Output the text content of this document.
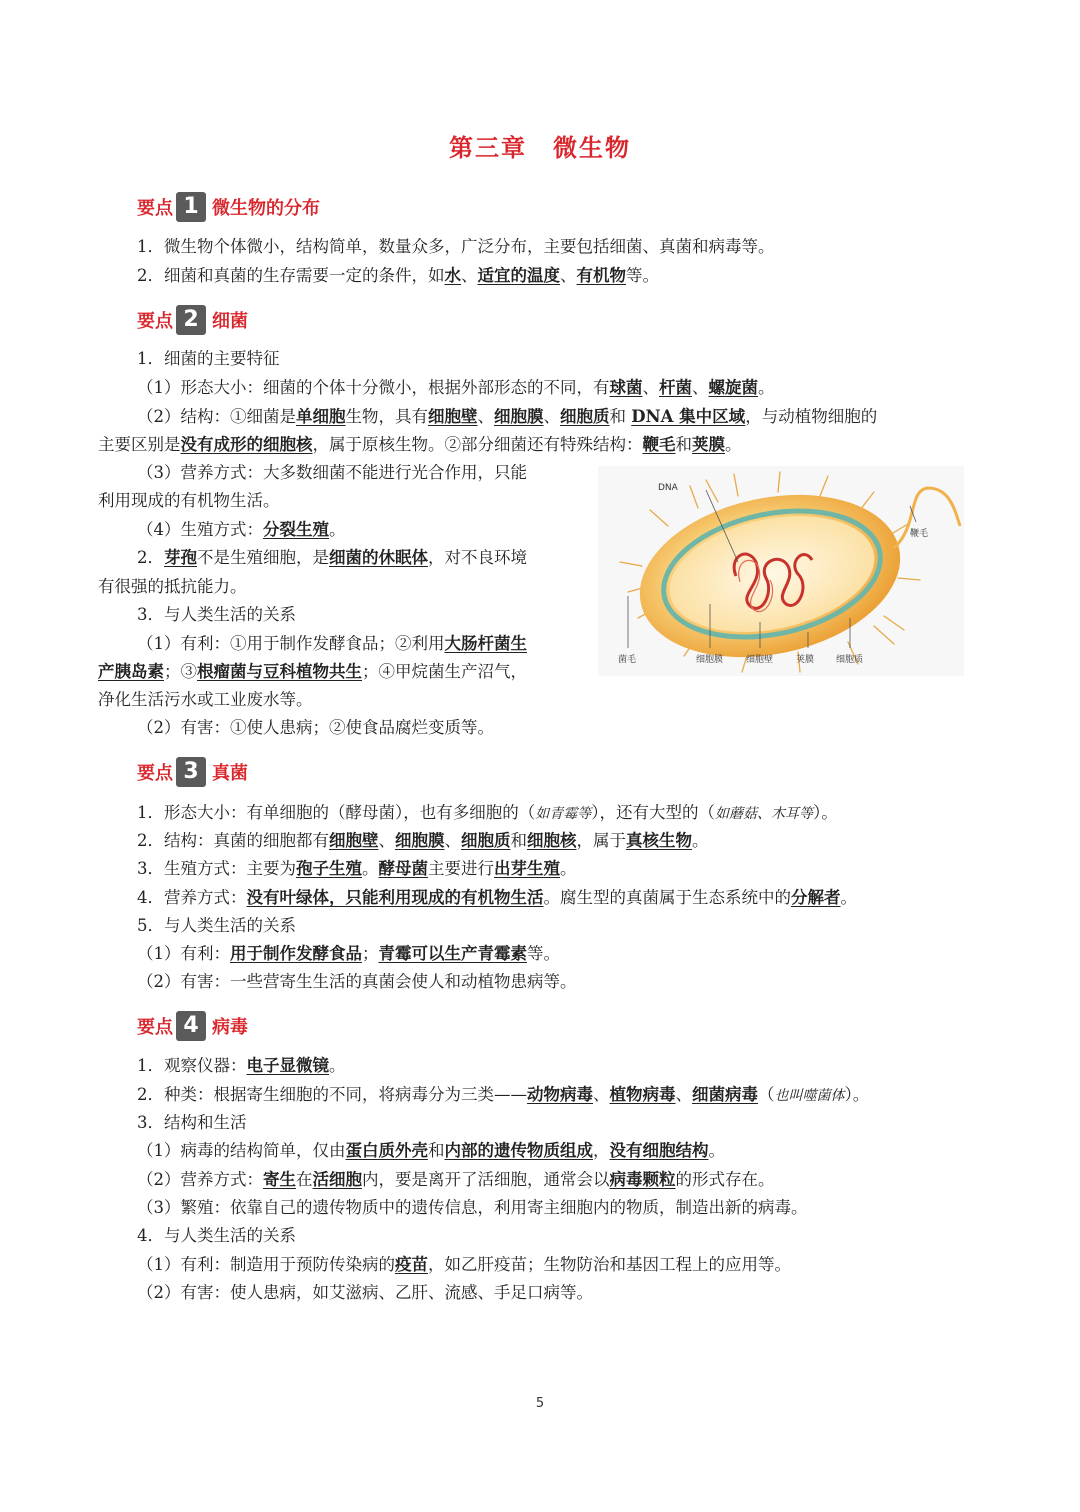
第三章　微生物
要点 1 微生物的分布
要点 2 细菌
要点 3 真菌
要点 4 病毒
1．微生物个体微小，结构简单，数量众多，广泛分布，主要包括细菌、真菌和病毒等。
2．细菌和真菌的生存需要一定的条件，如水、适宜的温度、有机物等。
1．细菌的主要特征
（1）形态大小：细菌的个体十分微小，根据外部形态的不同，有球菌、杆菌、螺旋菌。
（2）结构：①细菌是单细胞生物，具有细胞壁、细胞膜、细胞质和 DNA 集中区域，与动植物细胞的
主要区别是没有成形的细胞核，属于原核生物。②部分细菌还有特殊结构：鞭毛和荚膜。
（3）营养方式：大多数细菌不能进行光合作用，只能
利用现成的有机物生活。
（4）生殖方式：分裂生殖。
2．芽孢不是生殖细胞，是细菌的休眠体，对不良环境
有很强的抵抗能力。
3．与人类生活的关系
（1）有利：①用于制作发酵食品；②利用大肠杆菌生
产胰岛素；③根瘤菌与豆科植物共生；④甲烷菌生产沼气，
净化生活污水或工业废水等。
（2）有害：①使人患病；②使食品腐烂变质等。
1．形态大小：有单细胞的（酵母菌），也有多细胞的（如青霉等），还有大型的（如蘑菇、木耳等）。
2．结构：真菌的细胞都有细胞壁、细胞膜、细胞质和细胞核，属于真核生物。
3．生殖方式：主要为孢子生殖。酵母菌主要进行出芽生殖。
4．营养方式：没有叶绿体，只能利用现成的有机物生活。腐生型的真菌属于生态系统中的分解者。
5．与人类生活的关系
（1）有利：用于制作发酵食品；青霉可以生产青霉素等。
（2）有害：一些营寄生生活的真菌会使人和动植物患病等。
1．观察仪器：电子显微镜。
2．种类：根据寄生细胞的不同，将病毒分为三类——动物病毒、植物病毒、细菌病毒（也叫噬菌体）。
3．结构和生活
（1）病毒的结构简单，仅由蛋白质外壳和内部的遗传物质组成，没有细胞结构。
（2）营养方式：寄生在活细胞内，要是离开了活细胞，通常会以病毒颗粒的形式存在。
（3）繁殖：依靠自己的遗传物质中的遗传信息，利用寄主细胞内的物质，制造出新的病毒。
4．与人类生活的关系
（1）有利：制造用于预防传染病的疫苗，如乙肝疫苗；生物防治和基因工程上的应用等。
（2）有害：使人患病，如艾滋病、乙肝、流感、手足口病等。
DNA
鞭毛
菌毛	细胞膜	细胞壁	荚膜 细胞质
5
